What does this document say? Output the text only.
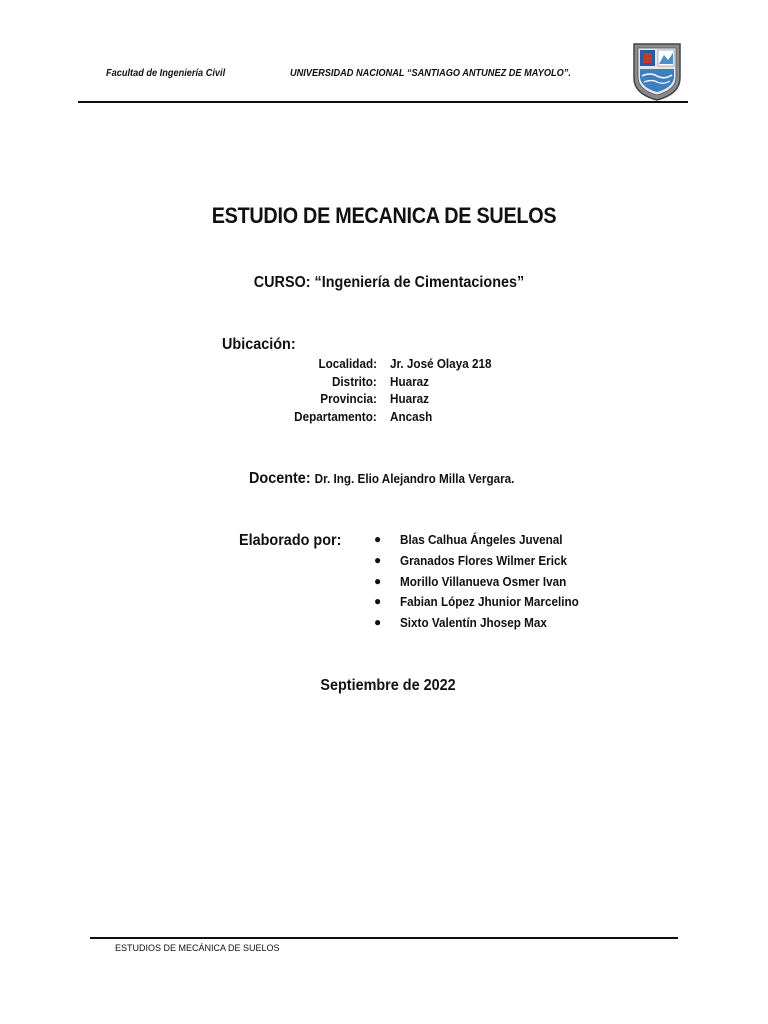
Facultad de Ingeniería Civil	UNIVERSIDAD NACIONAL “SANTIAGO ANTUNEZ DE MAYOLO”.
ESTUDIO DE MECANICA DE SUELOS
CURSO: “Ingeniería de Cimentaciones”
Ubicación:
Localidad: Jr. José Olaya 218
Distrito: Huaraz
Provincia: Huaraz
Departamento: Ancash
Docente: Dr. Ing. Elio Alejandro Milla Vergara.
Elaborado por:	● Blas Calhua Ángeles Juvenal
● Granados Flores Wilmer Erick
● Morillo Villanueva Osmer Ivan
● Fabian López Jhunior Marcelino
● Sixto Valentín Jhosep Max
Septiembre de 2022
ESTUDIOS DE MECÁNICA DE SUELOS
